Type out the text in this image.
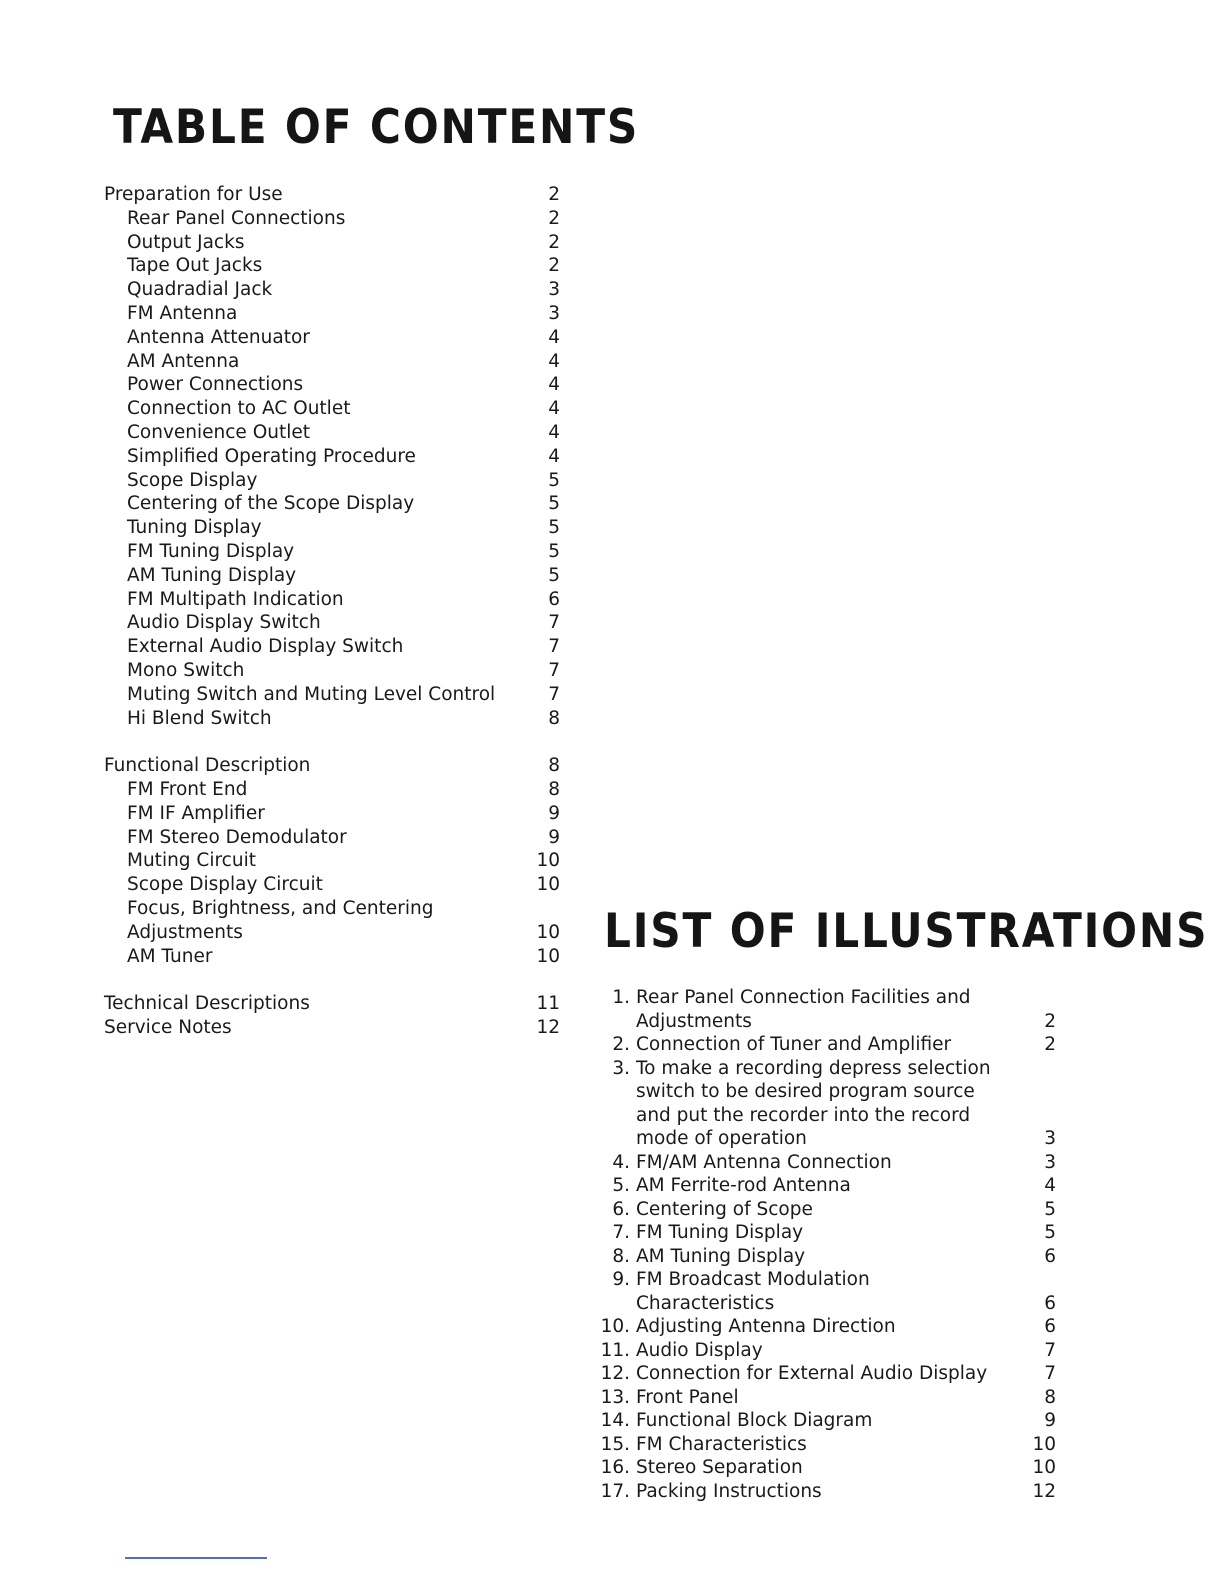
TABLE OF CONTENTS
Preparation for Use	2
Rear Panel Connections	2
Output Jacks	2
Tape Out Jacks	2
Quadradial Jack	3
FM Antenna	3
Antenna Attenuator	4
AM Antenna	4
Power Connections	4
Connection to AC Outlet	4
Convenience Outlet	4
Simplified Operating Procedure	4
Scope Display	5
Centering of the Scope Display	5
Tuning Display	5
FM Tuning Display	5
AM Tuning Display	5
FM Multipath Indication	6
Audio Display Switch	7
External Audio Display Switch	7
Mono Switch	7
Muting Switch and Muting Level Control	7
Hi Blend Switch	8
Functional Description	8
FM Front End	8
FM IF Amplifier	9
FM Stereo Demodulator	9
Muting Circuit	10
Scope Display Circuit	10
Focus, Brightness, and Centering
Adjustments	10
AM Tuner	10
Technical Descriptions	11
Service Notes	12
LIST OF ILLUSTRATIONS
1. Rear Panel Connection Facilities and
Adjustments	2
2. Connection of Tuner and Amplifier	2
3. To make a recording depress selection
switch to be desired program source
and put the recorder into the record
mode of operation	3
4. FM/AM Antenna Connection	3
5. AM Ferrite-rod Antenna	4
6. Centering of Scope	5
7. FM Tuning Display	5
8. AM Tuning Display	6
9. FM Broadcast Modulation Characteristics	6
10. Adjusting Antenna Direction	6
11. Audio Display	7
12. Connection for External Audio Display	7
13. Front Panel	8
14. Functional Block Diagram	9
15. FM Characteristics	10
16. Stereo Separation	10
17. Packing Instructions	12
